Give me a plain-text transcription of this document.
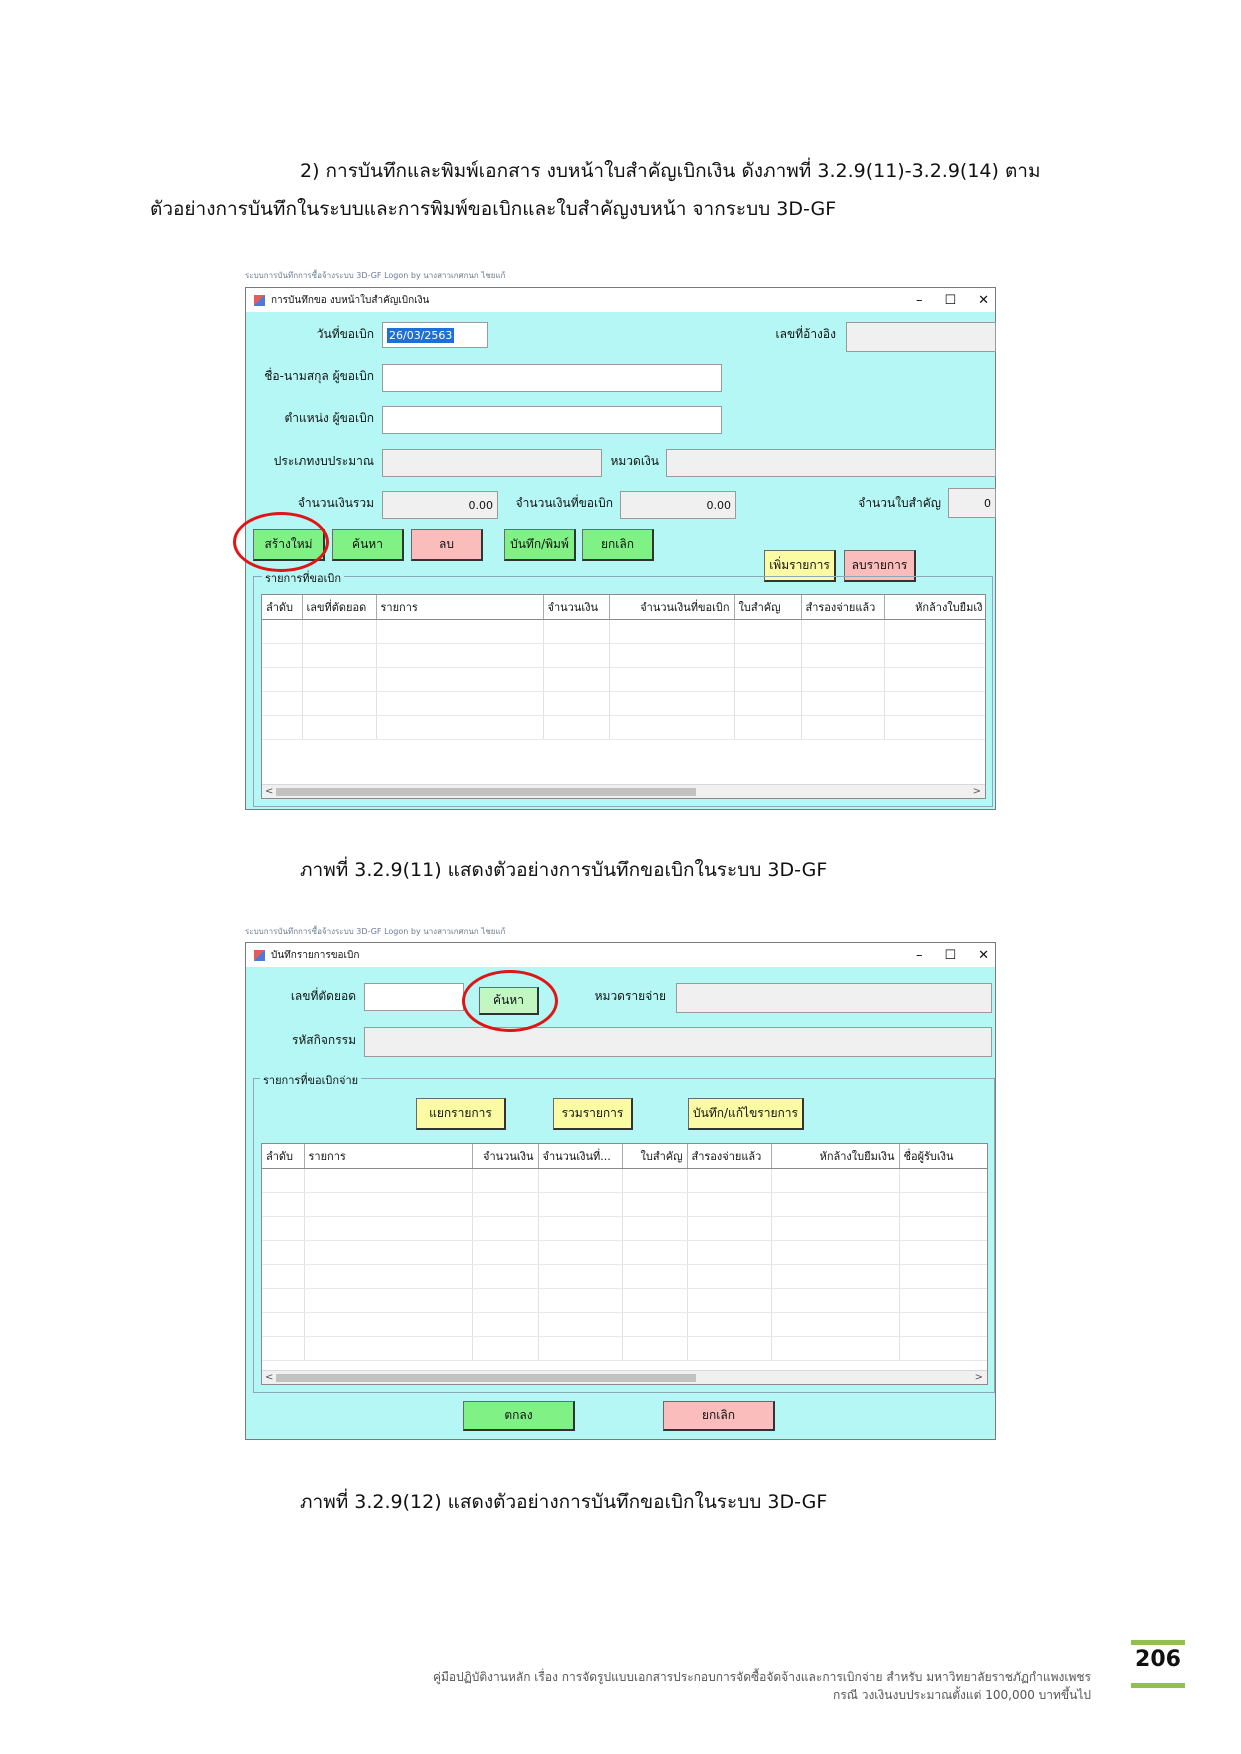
2) การบันทึกและพิมพ์เอกสาร งบหน้าใบสำคัญเบิกเงิน ดังภาพที่ 3.2.9(11)-3.2.9(14) ตาม
ตัวอย่างการบันทึกในระบบและการพิมพ์ขอเบิกและใบสำคัญงบหน้า จากระบบ 3D-GF
ระบบการบันทึกการซื้อจ้างระบบ 3D-GF Logon by นางสาวเกศกนก ไชยแก้
การบันทึกขอ งบหน้าใบสำคัญเบิกเงิน	– ☐ ✕
วันที่ขอเบิก 26/03/2563	เลขที่อ้างอิง
ชื่อ-นามสกุล ผู้ขอเบิก
ตำแหน่ง ผู้ขอเบิก
ประเภทงบประมาณ	หมวดเงิน
จำนวนเงินรวม	0.00	จำนวนเงินที่ขอเบิก	0.00	จำนวนใบสำคัญ	0
สร้างใหม่	ค้นหา	ลบ	บันทึก/พิมพ์	ยกเลิก
เพิ่มรายการ	ลบรายการ
รายการที่ขอเบิก
ลำดับ	เลขที่ตัดยอด	รายการ	จำนวนเงิน	จำนวนเงินที่ขอเบิก	ใบสำคัญ	สำรองจ่ายแล้ว	หักล้างใบยืมเงิ

<	>
ภาพที่ 3.2.9(11) แสดงตัวอย่างการบันทึกขอเบิกในระบบ 3D-GF
ระบบการบันทึกการซื้อจ้างระบบ 3D-GF Logon by นางสาวเกศกนก ไชยแก้
บันทึกรายการขอเบิก	– ☐ ✕
เลขที่ตัดยอด	ค้นหา	หมวดรายจ่าย
รหัสกิจกรรม
รายการที่ขอเบิกจ่าย
แยกรายการ	รวมรายการ	บันทึก/แก้ไขรายการ
ลำดับ	รายการ	จำนวนเงิน	จำนวนเงินที่...	ใบสำคัญ	สำรองจ่ายแล้ว	หักล้างใบยืมเงิน	ชื่อผู้รับเงิน

<	>
ตกลง	ยกเลิก
ภาพที่ 3.2.9(12) แสดงตัวอย่างการบันทึกขอเบิกในระบบ 3D-GF
206
คู่มือปฏิบัติงานหลัก เรื่อง การจัดรูปแบบเอกสารประกอบการจัดซื้อจัดจ้างและการเบิกจ่าย สำหรับ มหาวิทยาลัยราชภัฏกำแพงเพชร
กรณี วงเงินงบประมาณตั้งแต่ 100,000 บาทขึ้นไป
